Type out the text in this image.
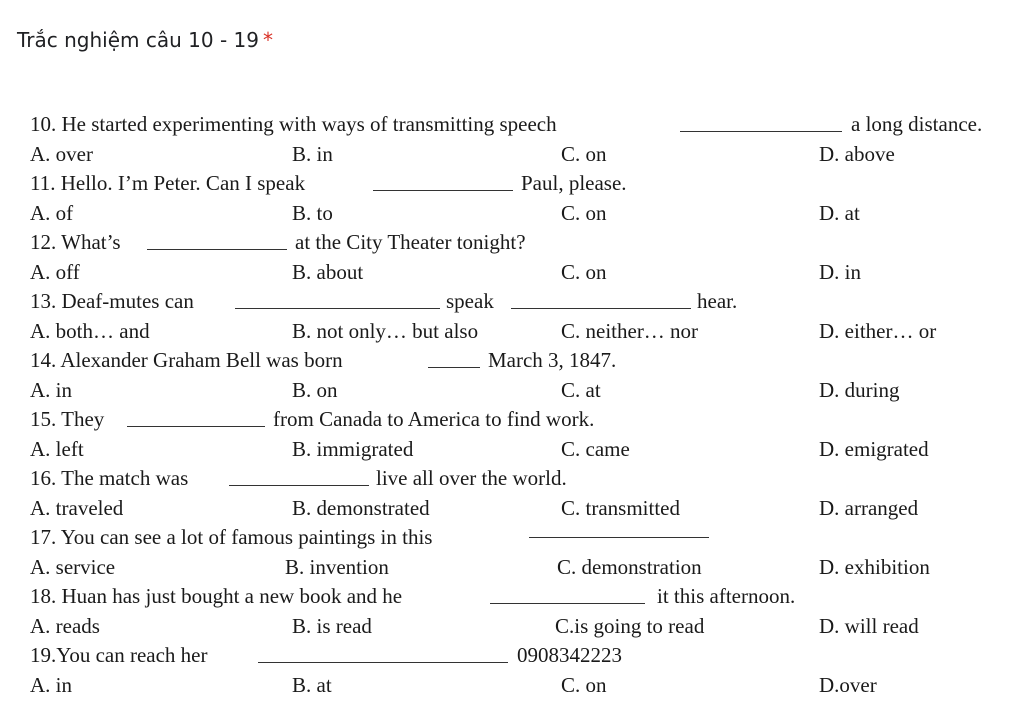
Trắc nghiệm câu 10 - 19 *
10. He started experimenting with ways of transmitting speech	a long distance.
A. over	B. in	C. on	D. above
11. Hello. I’m Peter. Can I speak	Paul, please.
A. of	B. to	C. on	D. at
12. What’s	at the City Theater tonight?
A. off	B. about	C. on	D. in
13. Deaf-mutes can	speak	hear.
A. both… and	B. not only… but also	C. neither… nor	D. either… or
14. Alexander Graham Bell was born	March 3, 1847.
A. in	B. on	C. at	D. during
15. They	from Canada to America to find work.
A. left	B. immigrated	C. came	D. emigrated
16. The match was	live all over the world.
A. traveled	B. demonstrated	C. transmitted	D. arranged
17. You can see a lot of famous paintings in this
A. service	B. invention	C. demonstration	D. exhibition
18. Huan has just bought a new book and he	it this afternoon.
A. reads	B. is read	C.is going to read	D. will read
19.You can reach her	0908342223
A. in	B. at	C. on	D.over
